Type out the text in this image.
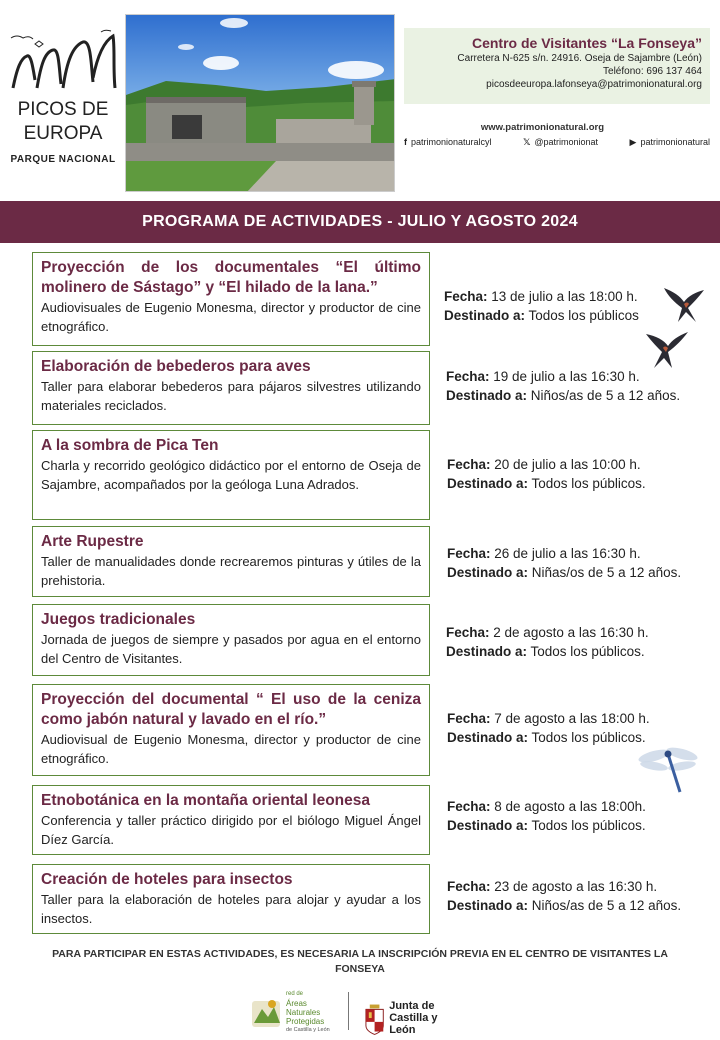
PICOS DE
EUROPA
PARQUE NACIONAL
Centro de Visitantes “La Fonseya”
Carretera N-625 s/n. 24916. Oseja de Sajambre (León)
Teléfono: 696 137 464
picosdeeuropa.lafonseya@patrimonionatural.org
www.patrimonionatural.org
f patrimonionaturalcyl	𝕏 @patrimonionat	▶ patrimonionatural
PROGRAMA DE ACTIVIDADES - JULIO Y AGOSTO 2024
Proyección de los documentales “El último molinero de Sástago” y “El hilado de la lana.”
Audiovisuales de Eugenio Monesma, director y productor de cine etnográfico.
Fecha: 13 de julio a las 18:00 h.
Destinado a: Todos los públicos
Elaboración de bebederos para aves
Taller para elaborar bebederos para pájaros silvestres utilizando materiales reciclados.
Fecha: 19 de julio a las 16:30 h.
Destinado a: Niños/as de 5 a 12 años.
A la sombra de Pica Ten
Charla y recorrido geológico didáctico por el entorno de Oseja de Sajambre, acompañados por la geóloga Luna Adrados.
Fecha: 20 de julio a las 10:00 h.
Destinado a: Todos los públicos.
Arte Rupestre
Taller de manualidades donde recrearemos pinturas y útiles de la prehistoria.
Fecha: 26 de julio a las 16:30 h.
Destinado a: Niñas/os de 5 a 12 años.
Juegos tradicionales
Jornada de juegos de siempre y pasados por agua en el entorno del Centro de Visitantes.
Fecha: 2 de agosto a las 16:30 h.
Destinado a: Todos los públicos.
Proyección del documental “ El uso de la ceniza como jabón natural y lavado en el río.”
Audiovisual de Eugenio Monesma, director y productor de cine etnográfico.
Fecha: 7 de agosto a las 18:00 h.
Destinado a: Todos los públicos.
Etnobotánica en la montaña oriental leonesa
Conferencia y taller práctico dirigido por el biólogo Miguel Ángel Díez García.
Fecha: 8 de agosto a las 18:00h.
Destinado a: Todos los públicos.
Creación de hoteles para insectos
Taller para la elaboración de hoteles para alojar y ayudar a los insectos.
Fecha: 23 de agosto a las 16:30 h.
Destinado a: Niños/as de 5 a 12 años.
PARA PARTICIPAR EN ESTAS ACTIVIDADES, ES NECESARIA LA INSCRIPCIÓN PREVIA EN EL CENTRO DE VISITANTES LA FONSEYA
red de
Áreas
Naturales
Protegidas
de Castilla y León
Junta de
Castilla y León
